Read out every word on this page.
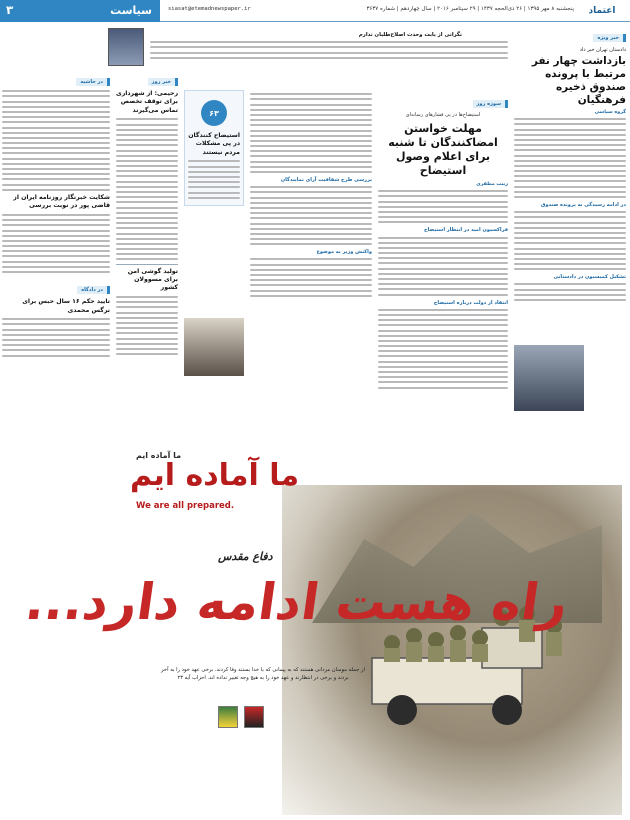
اعتماد
پنجشنبه ۸ مهر ۱۳۹۵ | ۲۶ ذی‌الحجه ۱۴۳۷ | ۲۹ سپتامبر ۲۰۱۶ | سال چهاردهم | شماره ۳۶۳۷
siasat@etemadnewspaper.ir
سیاست
۳
خبر ویژه
دادستان تهران خبر داد
بازداشت چهار نفر مرتبط با پرونده صندوق ذخیره فرهنگیان
گروه سیاسی
در ادامه رسیدگی به پرونده صندوق
تشکیل کمیسیون در دادستانی
نگرانی از بابت وحدت اصلاح‌طلبان ندارم
سوژه روز
استیضاح‌ها در پی فشارهای رسانه‌ای
مهلت خواستن امضاکنندگان تا شنبه برای اعلام وصول استیضاح
زینب مظفری
فراکسیون امید در انتظار استیضاح
انتقاد از دولت درباره استیضاح
بررسی طرح شفافیت آرای نمایندگان
واکنش وزیر به موضوع
۶۳
استیضاح کنندگان در پی مشکلات مردم نیستند
خبر روز
رحیمی: از شهرداری برای توقف تخصص تماس می‌گیرند
تولید گوشی امن برای مسوولان کشور
در حاشیه
شکایت خبرنگار روزنامه ایران از قاضی پور در نوبت بررسی
در دادگاه
تایید حکم ۱۶ سال حبس برای نرگس محمدی
ما آماده ایم
ما آماده ایم
We are all prepared.
دفاع مقدس
راه هست ادامه دارد...
از جمله مومنان مردانی هستند که به پیمانی که با خدا بستند وفا کردند. برخی عهد خود را به آخر بردند و برخی در انتظارند و عهد خود را به هیچ وجه تغییر نداده اند. احزاب آیه ۲۳
